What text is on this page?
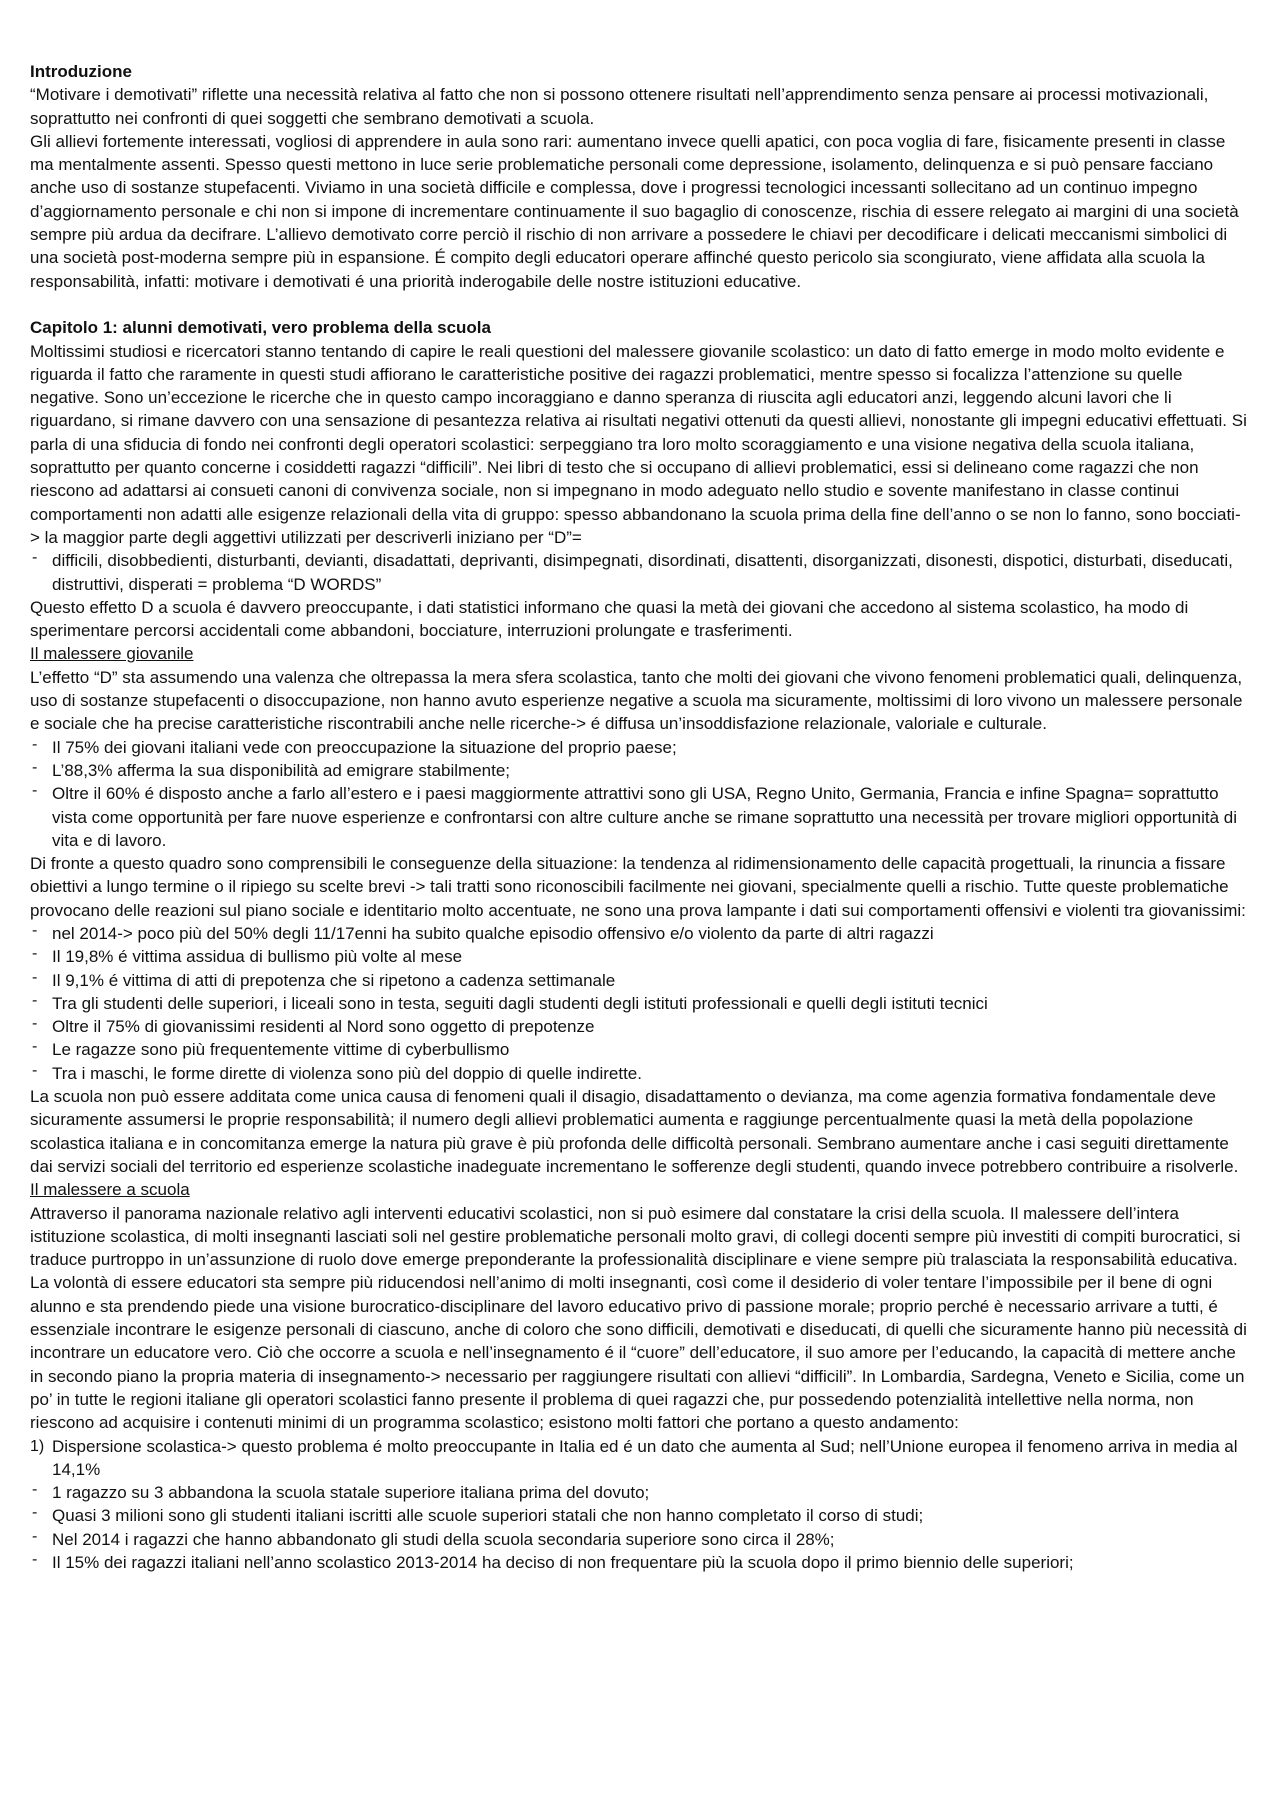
Introduzione

“Motivare i demotivati” riflette una necessità relativa al fatto che non si possono ottenere risultati nell’apprendimento senza pensare ai processi motivazionali, soprattutto nei confronti di quei soggetti che sembrano demotivati a scuola.

Gli allievi fortemente interessati, vogliosi di apprendere in aula sono rari: aumentano invece quelli apatici, con poca voglia di fare, fisicamente presenti in classe ma mentalmente assenti. Spesso questi mettono in luce serie problematiche personali come depressione, isolamento, delinquenza e si può pensare facciano anche uso di sostanze stupefacenti. Viviamo in una società difficile e complessa, dove i progressi tecnologici incessanti sollecitano ad un continuo impegno d’aggiornamento personale e chi non si impone di incrementare continuamente il suo bagaglio di conoscenze, rischia di essere relegato ai margini di una società sempre più ardua da decifrare. L’allievo demotivato corre perciò il rischio di non arrivare a possedere le chiavi per decodificare i delicati meccanismi simbolici di una società post-moderna sempre più in espansione. É compito degli educatori operare affinché questo pericolo sia scongiurato, viene affidata alla scuola la responsabilità, infatti: motivare i demotivati é una priorità inderogabile delle nostre istituzioni educative.

Capitolo 1: alunni demotivati, vero problema della scuola

Moltissimi studiosi e ricercatori stanno tentando di capire le reali questioni del malessere giovanile scolastico: un dato di fatto emerge in modo molto evidente e riguarda il fatto che raramente in questi studi affiorano le caratteristiche positive dei ragazzi problematici, mentre spesso si focalizza l’attenzione su quelle negative. Sono un’eccezione le ricerche che in questo campo incoraggiano e danno speranza di riuscita agli educatori anzi, leggendo alcuni lavori che li riguardano, si rimane davvero con una sensazione di pesantezza relativa ai risultati negativi ottenuti da questi allievi, nonostante gli impegni educativi effettuati. Si parla di una sfiducia di fondo nei confronti degli operatori scolastici: serpeggiano tra loro molto scoraggiamento e una visione negativa della scuola italiana, soprattutto per quanto concerne i cosiddetti ragazzi “difficili”. Nei libri di testo che si occupano di allievi problematici, essi si delineano come ragazzi che non riescono ad adattarsi ai consueti canoni di convivenza sociale, non si impegnano in modo adeguato nello studio e sovente manifestano in classe continui comportamenti non adatti alle esigenze relazionali della vita di gruppo: spesso abbandonano la scuola prima della fine dell’anno o se non lo fanno, sono bocciati-> la maggior parte degli aggettivi utilizzati per descriverli iniziano per “D”=

- difficili, disobbedienti, disturbanti, devianti, disadattati, deprivanti, disimpegnati, disordinati, disattenti, disorganizzati, disonesti, dispotici, disturbati, diseducati, distruttivi, disperati = problema “D WORDS”

Questo effetto D a scuola é davvero preoccupante, i dati statistici informano che quasi la metà dei giovani che accedono al sistema scolastico, ha modo di sperimentare percorsi accidentali come abbandoni, bocciature, interruzioni prolungate e trasferimenti.

Il malessere giovanile

L’effetto “D” sta assumendo una valenza che oltrepassa la mera sfera scolastica, tanto che molti dei giovani che vivono fenomeni problematici quali, delinquenza, uso di sostanze stupefacenti o disoccupazione, non hanno avuto esperienze negative a scuola ma sicuramente, moltissimi di loro vivono un malessere personale e sociale che ha precise caratteristiche riscontrabili anche nelle ricerche-> é diffusa un’insoddisfazione relazionale, valoriale e culturale.

- Il 75% dei giovani italiani vede con preoccupazione la situazione del proprio paese;
- L’88,3% afferma la sua disponibilità ad emigrare stabilmente;
- Oltre il 60% é disposto anche a farlo all’estero e i paesi maggiormente attrattivi sono gli USA, Regno Unito, Germania, Francia e infine Spagna= soprattutto vista come opportunità per fare nuove esperienze e confrontarsi con altre culture anche se rimane soprattutto una necessità per trovare migliori opportunità di vita e di lavoro.

Di fronte a questo quadro sono comprensibili le conseguenze della situazione: la tendenza al ridimensionamento delle capacità progettuali, la rinuncia a fissare obiettivi a lungo termine o il ripiego su scelte brevi -> tali tratti sono riconoscibili facilmente nei giovani, specialmente quelli a rischio. Tutte queste problematiche provocano delle reazioni sul piano sociale e identitario molto accentuate, ne sono una prova lampante i dati sui comportamenti offensivi e violenti tra giovanissimi:

- nel 2014-> poco più del 50% degli 11/17enni ha subito qualche episodio offensivo e/o violento da parte di altri ragazzi
- Il 19,8% é vittima assidua di bullismo più volte al mese
- Il 9,1% é vittima di atti di prepotenza che si ripetono a cadenza settimanale
- Tra gli studenti delle superiori, i liceali sono in testa, seguiti dagli studenti degli istituti professionali e quelli degli istituti tecnici
- Oltre il 75% di giovanissimi residenti al Nord sono oggetto di prepotenze
- Le ragazze sono più frequentemente vittime di cyberbullismo
- Tra i maschi, le forme dirette di violenza sono più del doppio di quelle indirette.

La scuola non può essere additata come unica causa di fenomeni quali il disagio, disadattamento o devianza, ma come agenzia formativa fondamentale deve sicuramente assumersi le proprie responsabilità; il numero degli allievi problematici aumenta e raggiunge percentualmente quasi la metà della popolazione scolastica italiana e in concomitanza emerge la natura più grave è più profonda delle difficoltà personali. Sembrano aumentare anche i casi seguiti direttamente dai servizi sociali del territorio ed esperienze scolastiche inadeguate incrementano le sofferenze degli studenti, quando invece potrebbero contribuire a risolverle.

Il malessere a scuola

Attraverso il panorama nazionale relativo agli interventi educativi scolastici, non si può esimere dal constatare la crisi della scuola. Il malessere dell’intera istituzione scolastica, di molti insegnanti lasciati soli nel gestire problematiche personali molto gravi, di collegi docenti sempre più investiti di compiti burocratici, si traduce purtroppo in un’assunzione di ruolo dove emerge preponderante la professionalità disciplinare e viene sempre più tralasciata la responsabilità educativa. La volontà di essere educatori sta sempre più riducendosi nell’animo di molti insegnanti, così come il desiderio di voler tentare l’impossibile per il bene di ogni alunno e sta prendendo piede una visione burocratico-disciplinare del lavoro educativo privo di passione morale; proprio perché è necessario arrivare a tutti, é essenziale incontrare le esigenze personali di ciascuno, anche di coloro che sono difficili, demotivati e diseducati, di quelli che sicuramente hanno più necessità di incontrare un educatore vero. Ciò che occorre a scuola e nell’insegnamento é il “cuore” dell’educatore, il suo amore per l’educando, la capacità di mettere anche in secondo piano la propria materia di insegnamento-> necessario per raggiungere risultati con allievi “difficili”. In Lombardia, Sardegna, Veneto e Sicilia, come un po’ in tutte le regioni italiane gli operatori scolastici fanno presente il problema di quei ragazzi che, pur possedendo potenzialità intellettive nella norma, non riescono ad acquisire i contenuti minimi di un programma scolastico; esistono molti fattori che portano a questo andamento:

1) Dispersione scolastica-> questo problema é molto preoccupante in Italia ed é un dato che aumenta al Sud; nell’Unione europea il fenomeno arriva in media al 14,1%
- 1 ragazzo su 3 abbandona la scuola statale superiore italiana prima del dovuto;
- Quasi 3 milioni sono gli studenti italiani iscritti alle scuole superiori statali che non hanno completato il corso di studi;
- Nel 2014 i ragazzi che hanno abbandonato gli studi della scuola secondaria superiore sono circa il 28%;
- Il 15% dei ragazzi italiani nell’anno scolastico 2013-2014 ha deciso di non frequentare più la scuola dopo il primo biennio delle superiori;
